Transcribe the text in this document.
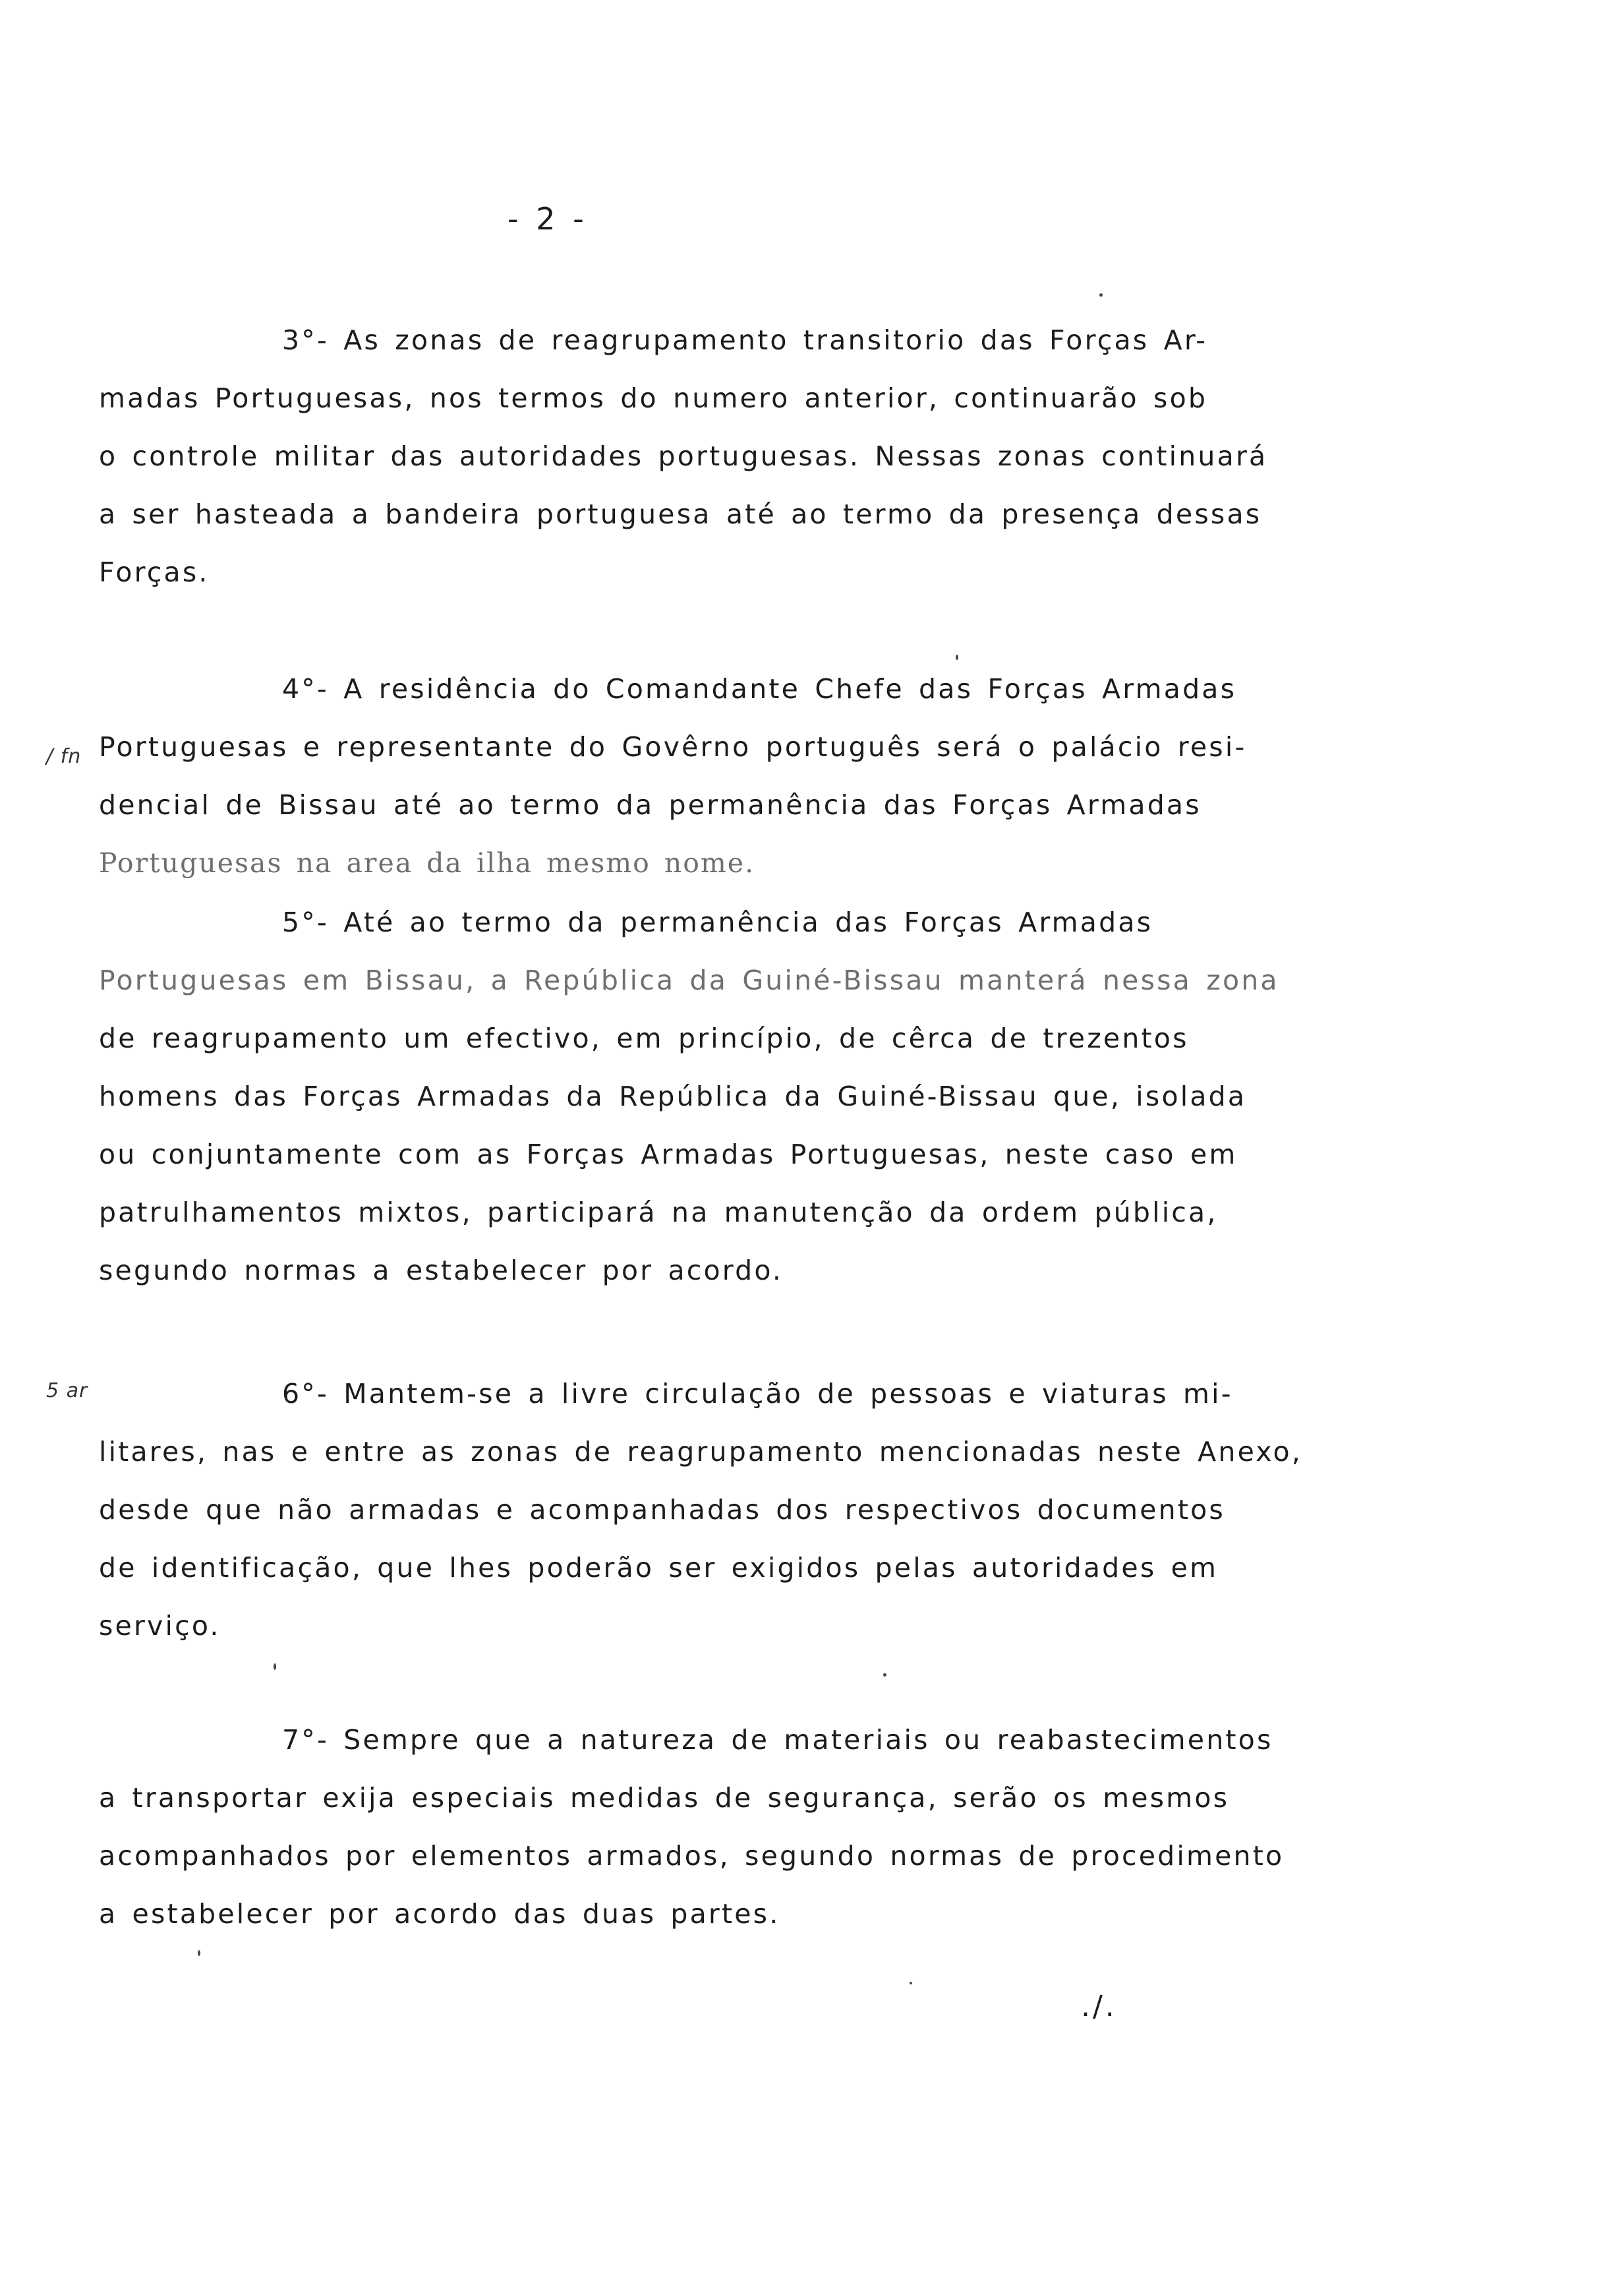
- 2 -
3°- As zonas de reagrupamento transitorio das Forças Ar-
madas Portuguesas, nos termos do numero anterior, continuarão sob
o controle militar das autoridades portuguesas. Nessas zonas continuará
a ser hasteada a bandeira portuguesa até ao termo da presença dessas
Forças.
/ fn
4°- A residência do Comandante Chefe das Forças Armadas
Portuguesas e representante do Govêrno português será o palácio resi-
dencial de Bissau até ao termo da permanência das Forças Armadas
Portuguesas na area da ilha mesmo nome.
5°- Até ao termo da permanência das Forças Armadas
Portuguesas em Bissau, a República da Guiné-Bissau manterá nessa zona
de reagrupamento um efectivo, em princípio, de cêrca de trezentos
homens das Forças Armadas da República da Guiné-Bissau que, isolada
ou conjuntamente com as Forças Armadas Portuguesas, neste caso em
patrulhamentos mixtos, participará na manutenção da ordem pública,
segundo normas a estabelecer por acordo.
5 ar	6°- Mantem-se a livre circulação de pessoas e viaturas mi-
litares, nas e entre as zonas de reagrupamento mencionadas neste Anexo,
desde que não armadas e acompanhadas dos respectivos documentos
de identificação, que lhes poderão ser exigidos pelas autoridades em
serviço.
7°- Sempre que a natureza de materiais ou reabastecimentos
a transportar exija especiais medidas de segurança, serão os mesmos
acompanhados por elementos armados, segundo normas de procedimento
a estabelecer por acordo das duas partes.
./.
